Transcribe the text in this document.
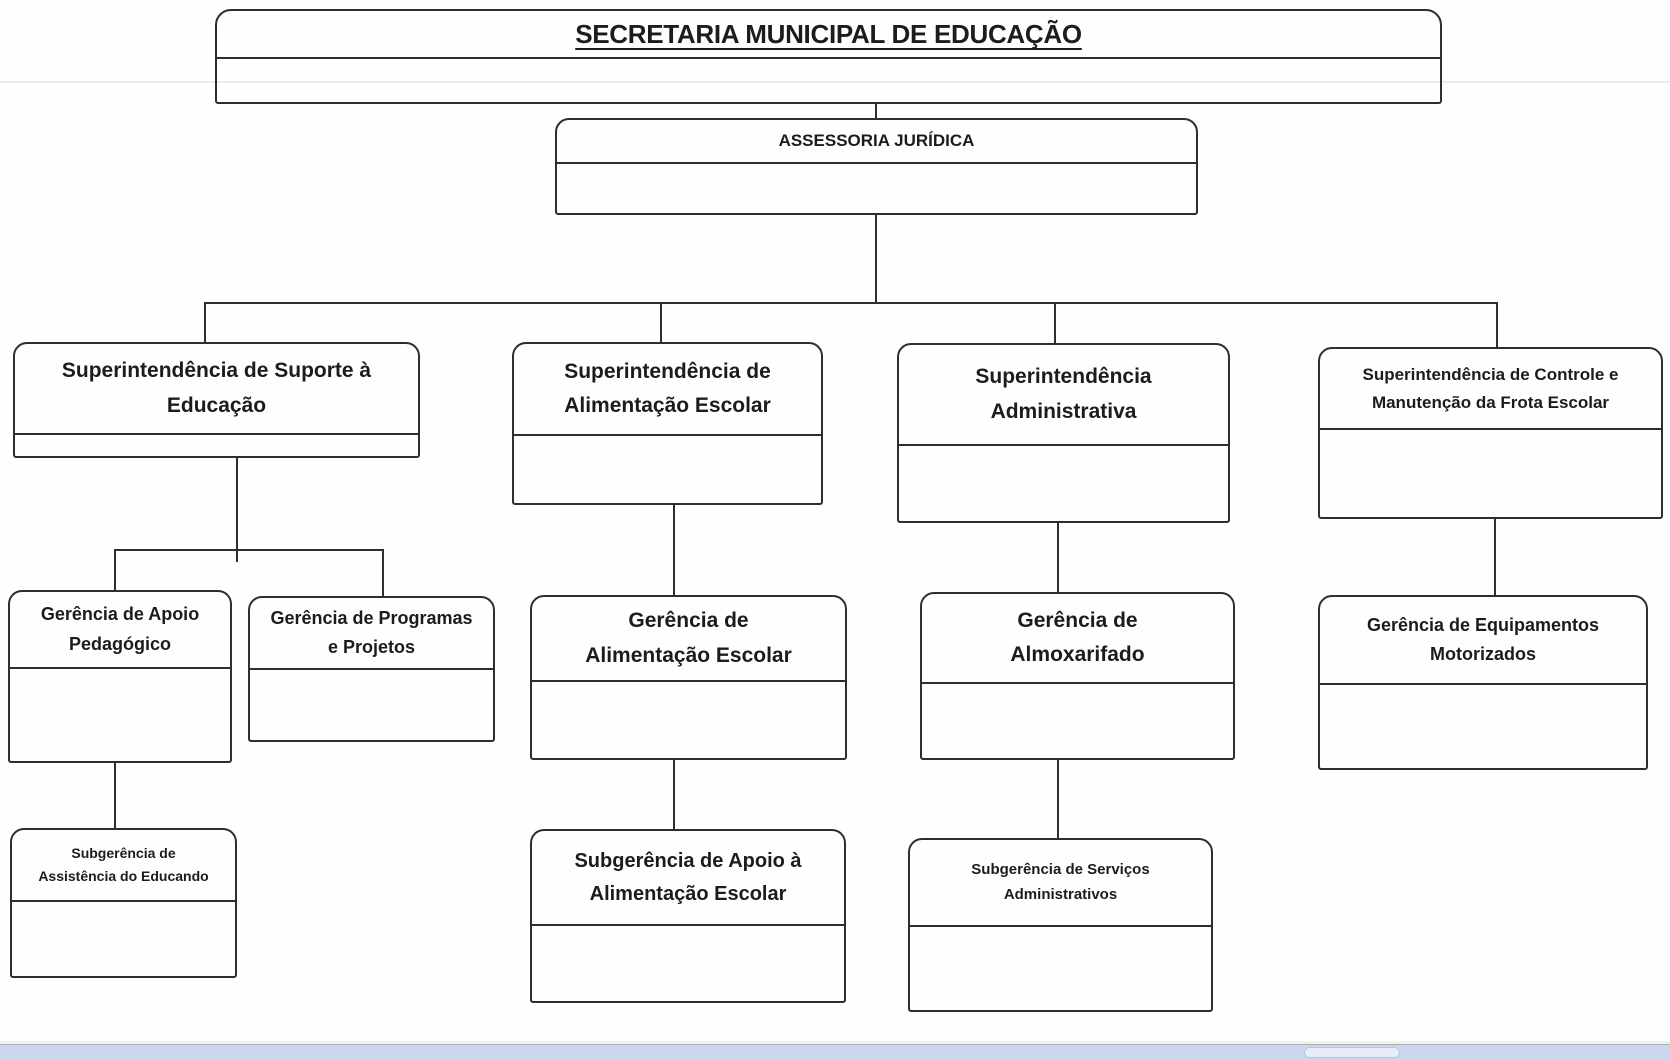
SECRETARIA MUNICIPAL DE EDUCAÇÃO
ASSESSORIA JURÍDICA
Superintendência de Suporte à
Educação
Superintendência de
Alimentação Escolar
Superintendência
Administrativa
Superintendência de Controle e
Manutenção da Frota Escolar
Gerência de Apoio
Pedagógico
Gerência de Programas
e Projetos
Gerência de
Alimentação Escolar
Gerência de
Almoxarifado
Gerência de Equipamentos
Motorizados
Subgerência de
Assistência do Educando
Subgerência de Apoio à
Alimentação Escolar
Subgerência de Serviços
Administrativos
